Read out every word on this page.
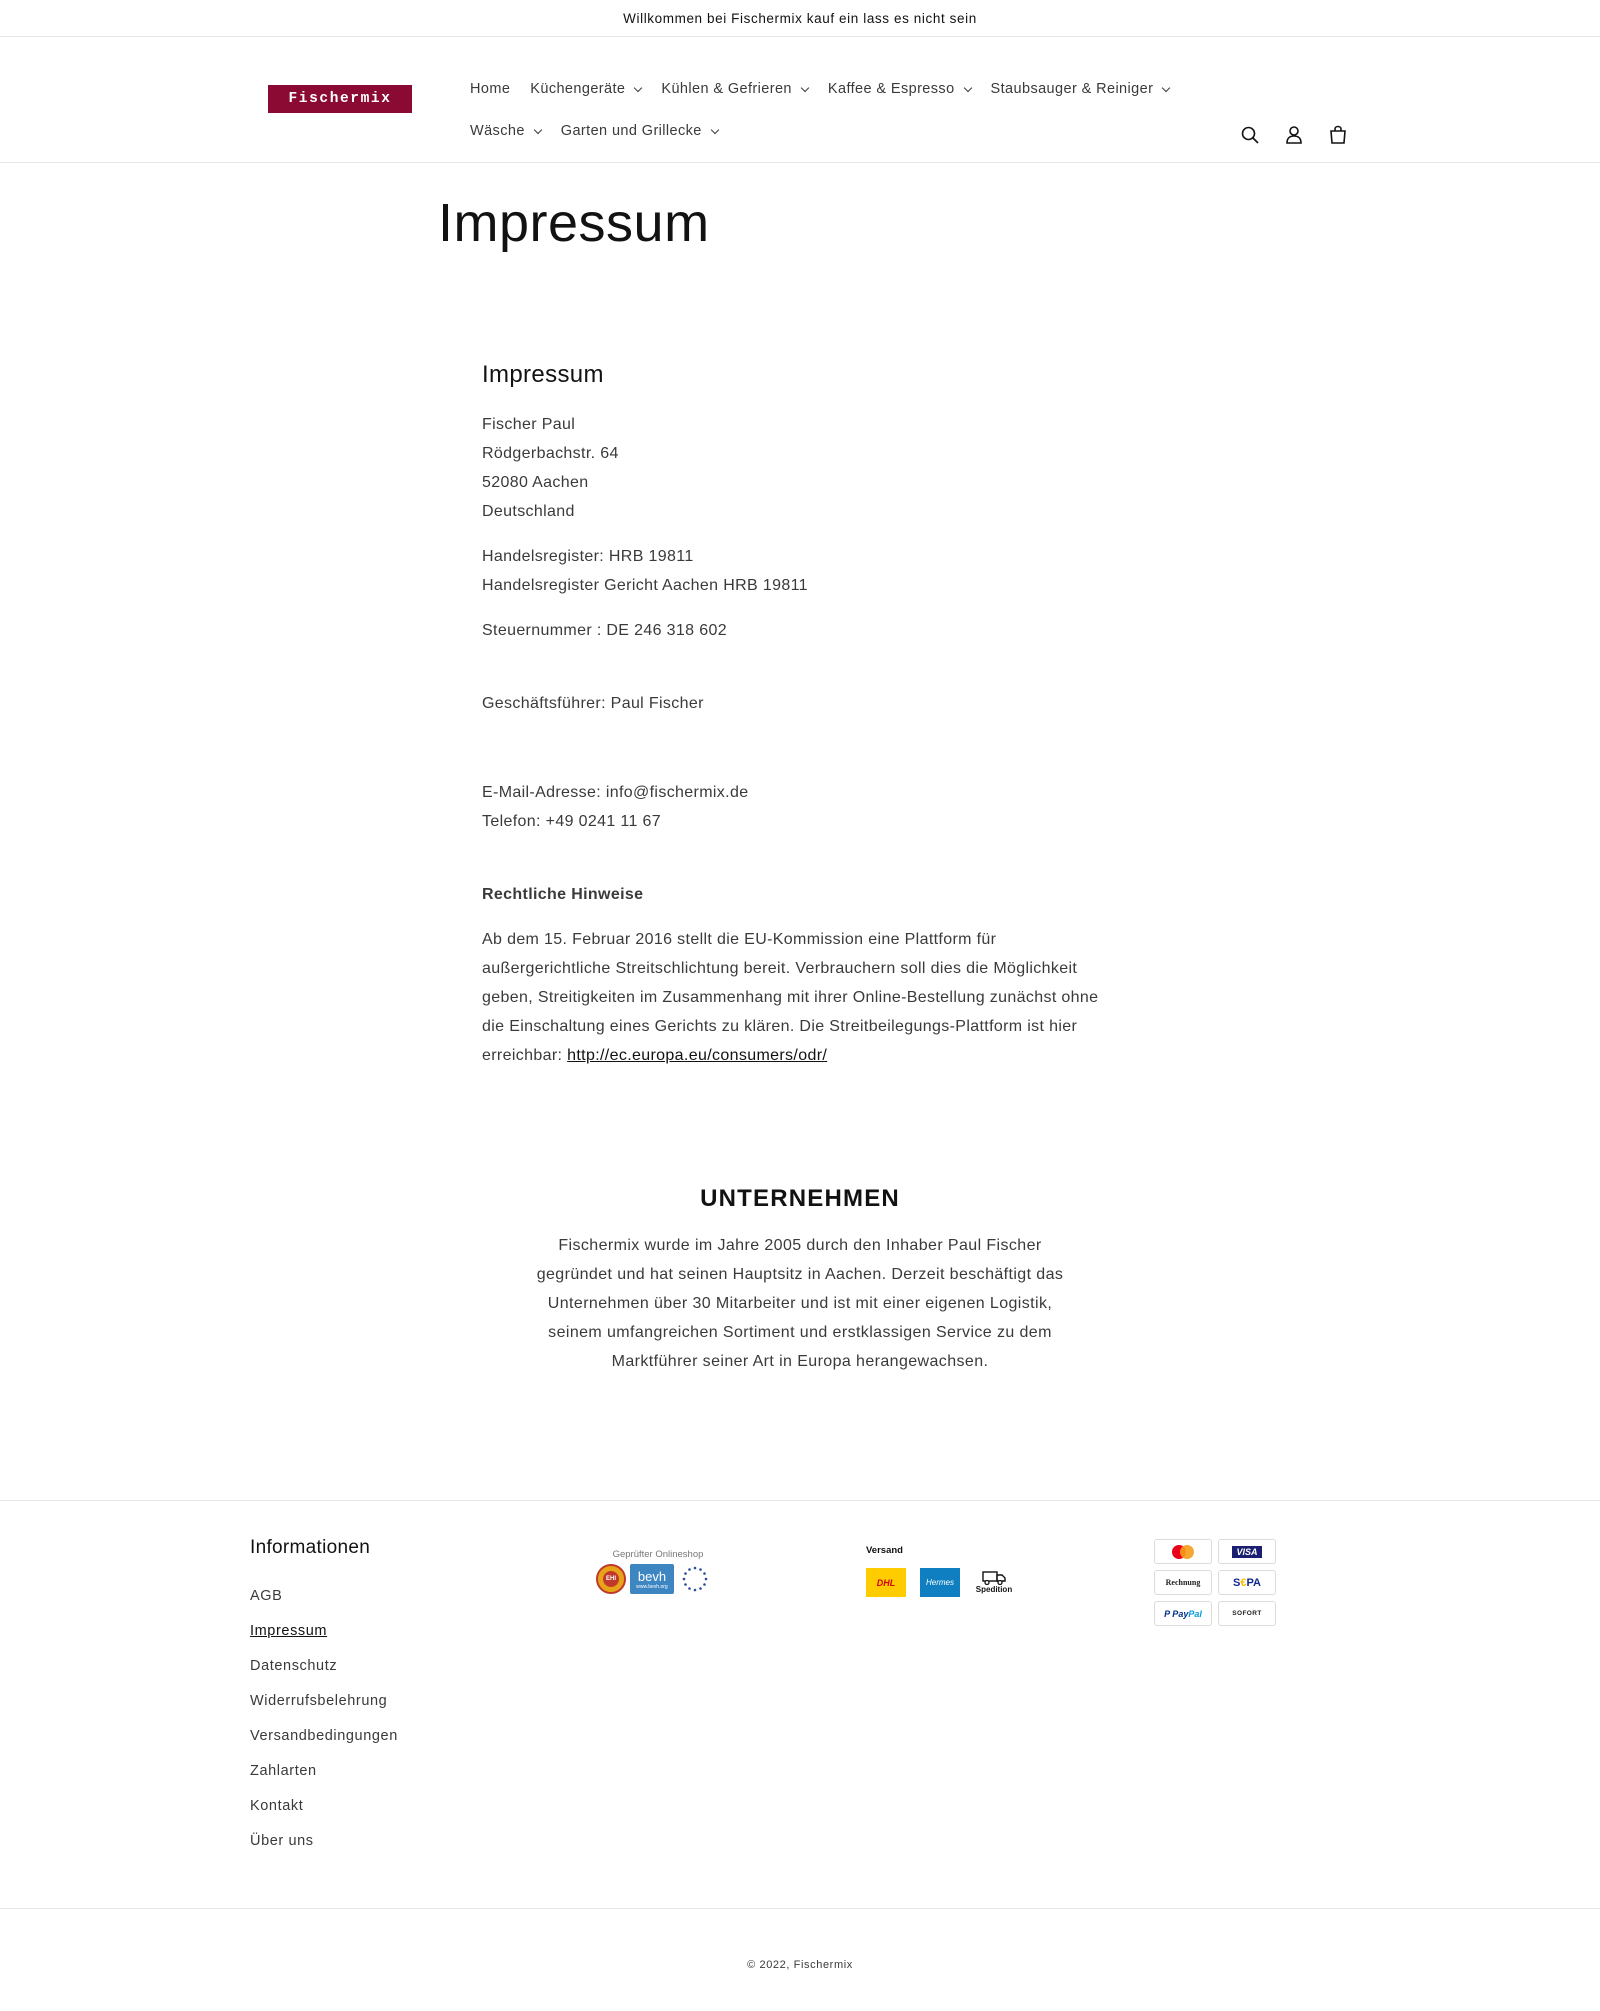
Willkommen bei Fischermix kauf ein lass es nicht sein
Fischermix
Home Küchengeräte Kühlen & Gefrieren Kaffee & Espresso Staubsauger & Reiniger
Wäsche Garten und Grillecke
Impressum
Impressum

Fischer Paul
Rödgerbachstr. 64
52080 Aachen
Deutschland

Handelsregister: HRB 19811
Handelsregister Gericht Aachen HRB 19811

Steuernummer : DE 246 318 602

Geschäftsführer: Paul Fischer

E-Mail-Adresse: info@fischermix.de
Telefon: +49 0241 11 67

Rechtliche Hinweise

Ab dem 15. Februar 2016 stellt die EU-Kommission eine Plattform für außergerichtliche Streitschlichtung bereit. Verbrauchern soll dies die Möglichkeit geben, Streitigkeiten im Zusammenhang mit ihrer Online-Bestellung zunächst ohne die Einschaltung eines Gerichts zu klären. Die Streitbeilegungs-Plattform ist hier erreichbar: http://ec.europa.eu/consumers/odr/

UNTERNEHMEN

Fischermix wurde im Jahre 2005 durch den Inhaber Paul Fischer gegründet und hat seinen Hauptsitz in Aachen. Derzeit beschäftigt das Unternehmen über 30 Mitarbeiter und ist mit einer eigenen Logistik, seinem umfangreichen Sortiment und erstklassigen Service zu dem Marktführer seiner Art in Europa herangewachsen.

Informationen
AGB
Impressum
Datenschutz
Widerrufsbelehrung
Versandbedingungen
Zahlarten
Kontakt
Über uns
Geprüfter Onlineshop
EHI bevh
www.bevh.org
Versand
DHL	Hermes
Spedition
VISA
Rechnung	S€PA
P PayPal	SOFORT
© 2022, Fischermix
